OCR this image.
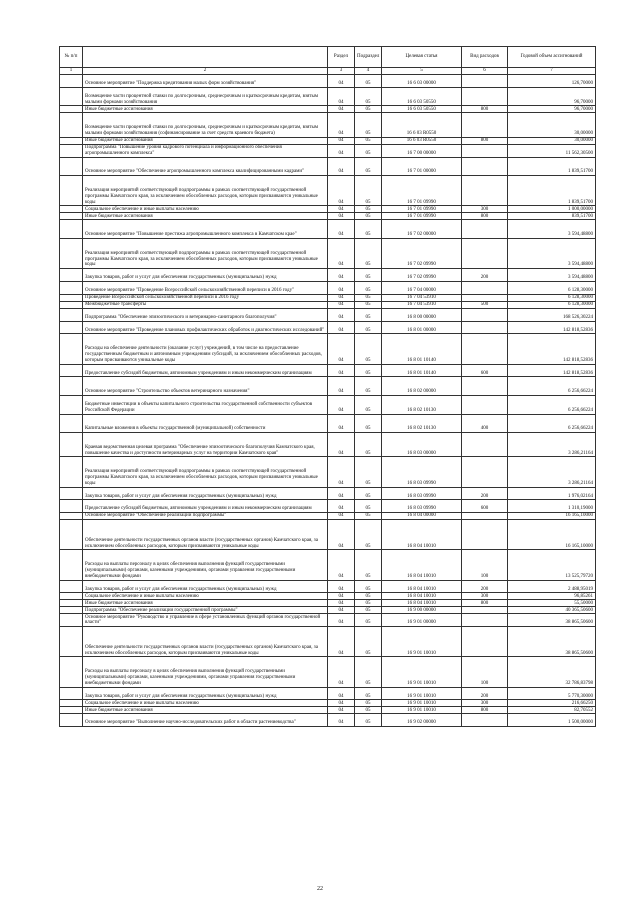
№ п/п		Раздел	Подраздел	Целевая статья	Вид расходов	Годовой объем ассигнований
1	2	3	4	5	6	7
	Основное мероприятие "Поддержка кредитования малых форм хозяйствования"	04	05	16 6 03 00000		126,70000
	Возмещение части процентной ставки по долгосрочным, среднесрочным и краткосрочным кредитам, взятым малыми формами хозяйствования	04	05	16 6 03 50550		96,70000
	Иные бюджетные ассигнования	04	05	16 6 03 50550	800	96,70000
	Возмещение части процентной ставки по долгосрочным, среднесрочным и краткосрочным кредитам, взятым малыми формами хозяйствования (софинансирование за счет средств краевого бюджета)	04	05	16 6 03 R0550		30,00000
	Иные бюджетные ассигнования	04	05	16 6 03 R0550	800	30,00000
	Подпрограмма "Повышение уровня кадрового потенциала и информационного обеспечения агропромышленного комплекса"	04	05	16 7 00 00000		11 562,30500
	Основное мероприятие "Обеспечение агропромышленного комплекса квалифицированными кадрами"	04	05	16 7 01 00000		1 839,51700
	Реализация мероприятий соответствующей подпрограммы в рамках соответствующей государственной программы Камчатского края, за исключением обособленных расходов, которым присваиваются уникальные коды	04	05	16 7 01 09990		1 839,51700
	Социальное обеспечение и иные выплаты населению	04	05	16 7 01 09990	300	1 000,00000
	Иные бюджетные ассигнования	04	05	16 7 01 09990	800	839,51700
	Основное мероприятие "Повышение престижа агропромышленного комплекса в Камчатском крае"	04	05	16 7 02 00000		3 594,48800
	Реализация мероприятий соответствующей подпрограммы в рамках соответствующей государственной программы Камчатского края, за исключением обособленных расходов, которым присваиваются уникальные коды	04	05	16 7 02 09990		3 594,48800
	Закупка товаров, работ и услуг для обеспечения государственных (муниципальных) нужд	04	05	16 7 02 09990	200	3 594,48800
	Основное мероприятие "Проведение Всероссийской сельскохозяйственной переписи в 2016 году"	04	05	16 7 04 00000		6 128,30000
	Проведение Всероссийской сельскохозяйственной переписи в 2016 году	04	05	16 7 04 53910		6 128,30000
	Межбюджетные трансферты	04	05	16 7 04 53910	500	6 128,30000
	Подпрограмма "Обеспечение эпизоотического и ветеринарно-санитарного благополучия"	04	05	16 8 00 00000		168 526,30224
	Основное мероприятие "Проведение плановых профилактических обработок и диагностических исследований"	04	05	16 8 01 00000		142 818,52836
	Расходы на обеспечение деятельности (оказание услуг) учреждений, в том числе на предоставление государственным бюджетным и автономным учреждениям субсидий, за исключением обособленных расходов, которым присваиваются уникальные коды	04	05	16 8 01 10140		142 818,52836
	Предоставление субсидий бюджетным, автономным учреждениям и иным некоммерческим организациям	04	05	16 8 01 10140	600	142 818,52836
	Основное мероприятие "Строительство объектов ветеринарного назначения"	04	05	16 8 02 00000		6 256,66224
	Бюджетные инвестиции в объекты капитального строительства государственной собственности субъектов Российской Федерации	04	05	16 8 02 10130		6 256,66224
	Капитальные вложения в объекты государственной (муниципальной) собственности	04	05	16 8 02 10130	400	6 256,66224
	Краевая ведомственная целевая программа "Обеспечение эпизоотического благополучия Камчатского края, повышение качества и доступности ветеринарных услуг на территории Камчатского края"	04	05	16 8 03 00000		3 286,21164
	Реализация мероприятий соответствующей подпрограммы в рамках соответствующей государственной программы Камчатского края, за исключением обособленных расходов, которым присваиваются уникальные коды	04	05	16 8 03 09990		3 286,21164
	Закупка товаров, работ и услуг для обеспечения государственных (муниципальных) нужд	04	05	16 8 03 09990	200	1 976,02164
	Предоставление субсидий бюджетным, автономным учреждениям и иным некоммерческим организациям	04	05	16 8 03 09990	600	1 310,19000
	Основное мероприятие "Обеспечение реализации подпрограммы"	04	05	16 8 04 00000		16 165,10000
	Обеспечение деятельности государственных органов власти (государственных органов) Камчатского края, за исключением обособленных расходов, которым присваиваются уникальные коды	04	05	16 8 04 10010		16 165,10000
	Расходы на выплаты персоналу в целях обеспечения выполнения функций государственными (муниципальными) органами, казенными учреждениями, органами управления государственными внебюджетными фондами	04	05	16 8 04 10010	100	13 525,79720
	Закупка товаров, работ и услуг для обеспечения государственных (муниципальных) нужд	04	05	16 8 04 10010	200	2 488,95019
	Социальное обеспечение и иные выплаты населению	04	05	16 8 04 10010	300	96,85261
	Иные бюджетные ассигнования	04	05	16 8 04 10010	800	55,50000
	Подпрограмма "Обеспечение реализации государственной программы"	04	05	16 9 00 00000		40 365,50600
	Основное мероприятие "Руководство и управление в сфере установленных функций органов государственной власти"	04	05	16 9 01 00000		38 865,50600
	Обеспечение деятельности государственных органов власти (государственных органов) Камчатского края, за исключением обособленных расходов, которым присваиваются уникальные коды	04	05	16 9 01 10010		38 865,50600
	Расходы на выплаты персоналу в целях обеспечения выполнения функций государственными (муниципальными) органами, казенными учреждениями, органами управления государственными внебюджетными фондами	04	05	16 9 01 10010	100	32 786,83798
	Закупка товаров, работ и услуг для обеспечения государственных (муниципальных) нужд	04	05	16 9 01 10010	200	5 770,30000
	Социальное обеспечение и иные выплаты населению	04	05	16 9 01 10010	300	216,66250
	Иные бюджетные ассигнования	04	05	16 9 01 10010	800	82,70552
	Основное мероприятие "Выполнение научно-исследовательских работ в области растениеводства"	04	05	16 9 02 00000		1 500,00000
22
